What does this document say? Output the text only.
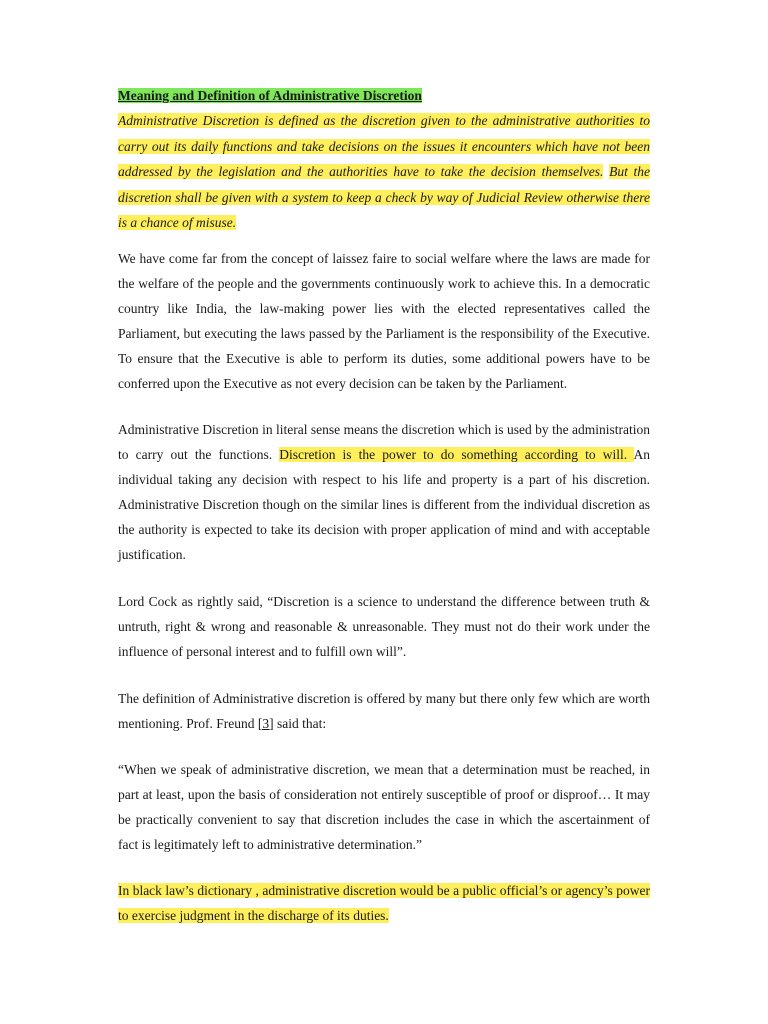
Meaning and Definition of Administrative Discretion

Administrative Discretion is defined as the discretion given to the administrative authorities to carry out its daily functions and take decisions on the issues it encounters which have not been addressed by the legislation and the authorities have to take the decision themselves. But the discretion shall be given with a system to keep a check by way of Judicial Review otherwise there is a chance of misuse.

We have come far from the concept of laissez faire to social welfare where the laws are made for the welfare of the people and the governments continuously work to achieve this. In a democratic country like India, the law-making power lies with the elected representatives called the Parliament, but executing the laws passed by the Parliament is the responsibility of the Executive. To ensure that the Executive is able to perform its duties, some additional powers have to be conferred upon the Executive as not every decision can be taken by the Parliament.

Administrative Discretion in literal sense means the discretion which is used by the administration to carry out the functions. Discretion is the power to do something according to will. An individual taking any decision with respect to his life and property is a part of his discretion. Administrative Discretion though on the similar lines is different from the individual discretion as the authority is expected to take its decision with proper application of mind and with acceptable justification.

Lord Cock as rightly said, “Discretion is a science to understand the difference between truth & untruth, right & wrong and reasonable & unreasonable. They must not do their work under the influence of personal interest and to fulfill own will”.

The definition of Administrative discretion is offered by many but there only few which are worth mentioning. Prof. Freund [3] said that:

“When we speak of administrative discretion, we mean that a determination must be reached, in part at least, upon the basis of consideration not entirely susceptible of proof or disproof… It may be practically convenient to say that discretion includes the case in which the ascertainment of fact is legitimately left to administrative determination.”

In black law’s dictionary , administrative discretion would be a public official’s or agency’s power to exercise judgment in the discharge of its duties.
